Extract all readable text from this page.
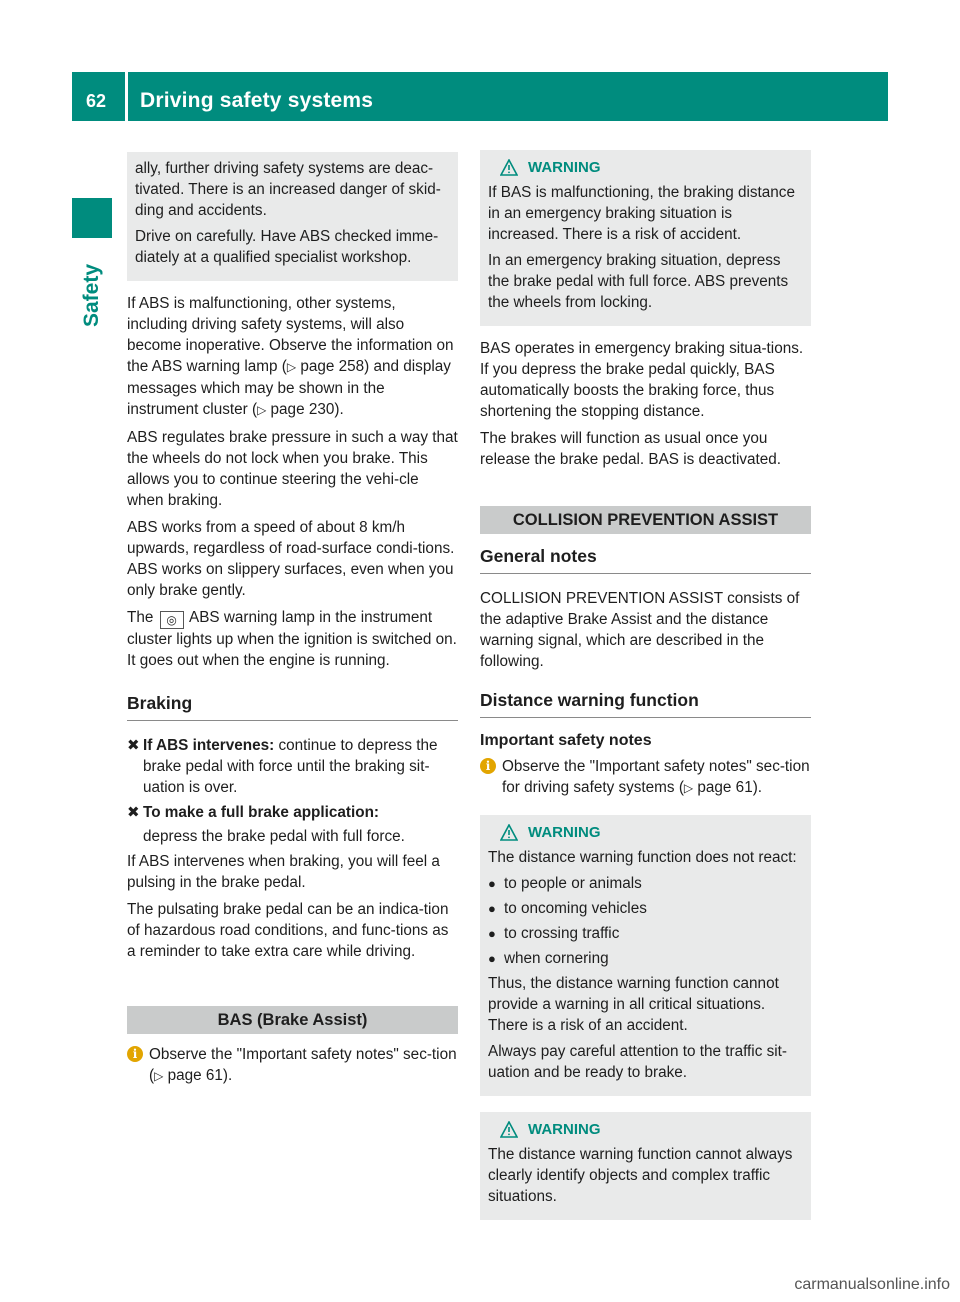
62 Driving safety systems
Safety

ally, further driving safety systems are deac-tivated. There is an increased danger of skid-ding and accidents.

Drive on carefully. Have ABS checked imme-diately at a qualified specialist workshop.

If ABS is malfunctioning, other systems, including driving safety systems, will also become inoperative. Observe the information on the ABS warning lamp (▷ page 258) and display messages which may be shown in the instrument cluster (▷ page 230).

ABS regulates brake pressure in such a way that the wheels do not lock when you brake. This allows you to continue steering the vehi-cle when braking.

ABS works from a speed of about 8 km/h upwards, regardless of road-surface condi-tions. ABS works on slippery surfaces, even when you only brake gently.

The ◎ ABS warning lamp in the instrument cluster lights up when the ignition is switched on. It goes out when the engine is running.

Braking
✖ If ABS intervenes: continue to depress the brake pedal with force until the braking sit-uation is over.

✖ To make a full brake application:

depress the brake pedal with full force.

If ABS intervenes when braking, you will feel a pulsing in the brake pedal.

The pulsating brake pedal can be an indica-tion of hazardous road conditions, and func-tions as a reminder to take extra care while driving.

BAS (Brake Assist)
i Observe the "Important safety notes" sec-tion (▷ page 61).

WARNING

If BAS is malfunctioning, the braking distance in an emergency braking situation is increased. There is a risk of accident.

In an emergency braking situation, depress the brake pedal with full force. ABS prevents the wheels from locking.

BAS operates in emergency braking situa-tions. If you depress the brake pedal quickly, BAS automatically boosts the braking force, thus shortening the stopping distance.

The brakes will function as usual once you release the brake pedal. BAS is deactivated.

COLLISION PREVENTION ASSIST
General notes

COLLISION PREVENTION ASSIST consists of the adaptive Brake Assist and the distance warning signal, which are described in the following.

Distance warning function
Important safety notes
i Observe the "Important safety notes" sec-tion for driving safety systems (▷ page 61).

WARNING

The distance warning function does not react:

● to people or animals

● to oncoming vehicles

● to crossing traffic

● when cornering

Thus, the distance warning function cannot provide a warning in all critical situations. There is a risk of an accident.

Always pay careful attention to the traffic sit-uation and be ready to brake.

WARNING

The distance warning function cannot always clearly identify objects and complex traffic situations.

carmanualsonline.info
